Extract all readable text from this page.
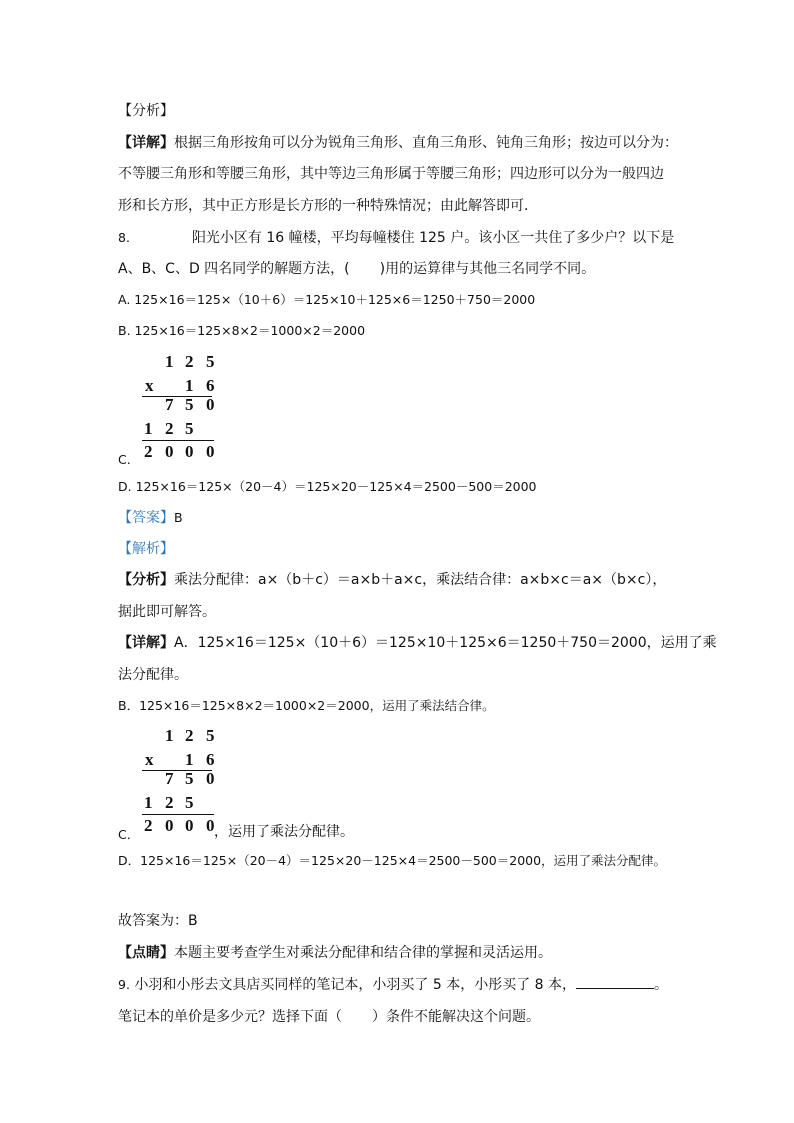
【分析】
【详解】根据三角形按角可以分为锐角三角形、直角三角形、钝角三角形；按边可以分为：
不等腰三角形和等腰三角形，其中等边三角形属于等腰三角形；四边形可以分为一般四边
形和长方形，其中正方形是长方形的一种特殊情况；由此解答即可．
8.	阳光小区有 16 幢楼，平均每幢楼住 125 户。该小区一共住了多少户？以下是
A、B、C、D 四名同学的解题方法，( )用的运算律与其他三名同学不同。
A. 125×16＝125×（10＋6）＝125×10＋125×6＝1250＋750＝2000
B. 125×16＝125×8×2＝1000×2＝2000
1 2 5
x 1 6
7 5 0
1 2 5
2 0 0 0
C.
D. 125×16＝125×（20－4）＝125×20－125×4＝2500－500＝2000
【答案】B
【解析】
【分析】乘法分配律：a×（b＋c）＝a×b＋a×c，乘法结合律：a×b×c＝a×（b×c），
据此即可解答。
【详解】A．125×16＝125×（10＋6）＝125×10＋125×6＝1250＋750＝2000，运用了乘
法分配律。
B．125×16＝125×8×2＝1000×2＝2000，运用了乘法结合律。
1 2 5
x 1 6
7 5 0
1 2 5
2 0 0 0
C．	，运用了乘法分配律。
D．125×16＝125×（20－4）＝125×20－125×4＝2500－500＝2000，运用了乘法分配律。
故答案为：B
【点睛】本题主要考查学生对乘法分配律和结合律的掌握和灵活运用。
9. 小羽和小彤去文具店买同样的笔记本，小羽买了 5 本，小彤买了 8 本，	。
笔记本的单价是多少元？选择下面（ ）条件不能解决这个问题。
